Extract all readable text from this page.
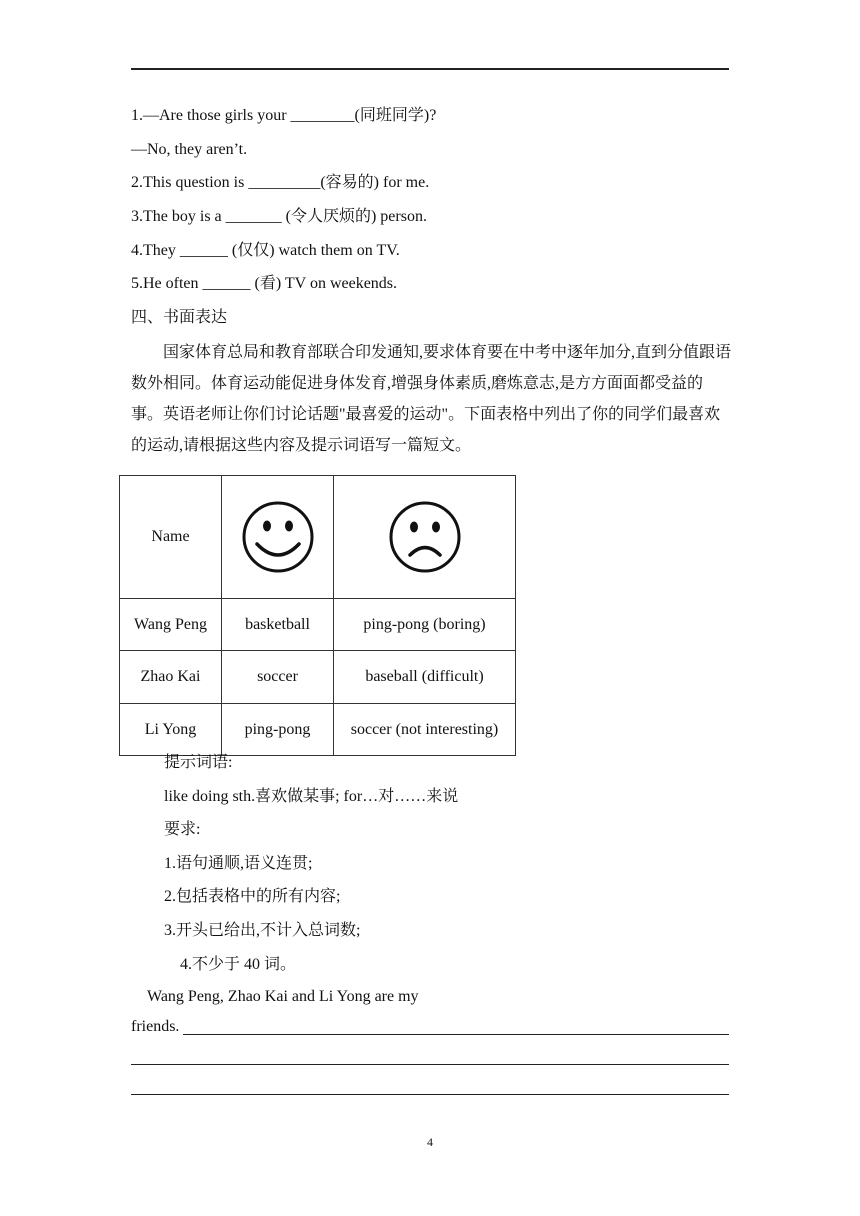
1.—Are those girls your ________(同班同学)?
—No, they aren’t.
2.This question is _________(容易的) for me.
3.The boy is a _______ (令人厌烦的) person.
4.They ______ (仅仅) watch them on TV.
5.He often ______ (看) TV on weekends.
四、书面表达
国家体育总局和教育部联合印发通知,要求体育要在中考中逐年加分,直到分值跟语数外相同。体育运动能促进身体发育,增强身体素质,磨炼意志,是方方面面都受益的事。英语老师让你们讨论话题"最喜爱的运动"。下面表格中列出了你的同学们最喜欢的运动,请根据这些内容及提示词语写一篇短文。
Name	

Wang Peng	basketball	ping-pong (boring)
Zhao Kai	soccer	baseball (difficult)
Li Yong	ping-pong	soccer (not interesting)
提示词语:
like doing sth.喜欢做某事; for…对……来说
要求:
1.语句通顺,语义连贯;
2.包括表格中的所有内容;
3.开头已给出,不计入总词数;
4.不少于 40 词。
Wang Peng, Zhao Kai and Li Yong are my
friends.
4
